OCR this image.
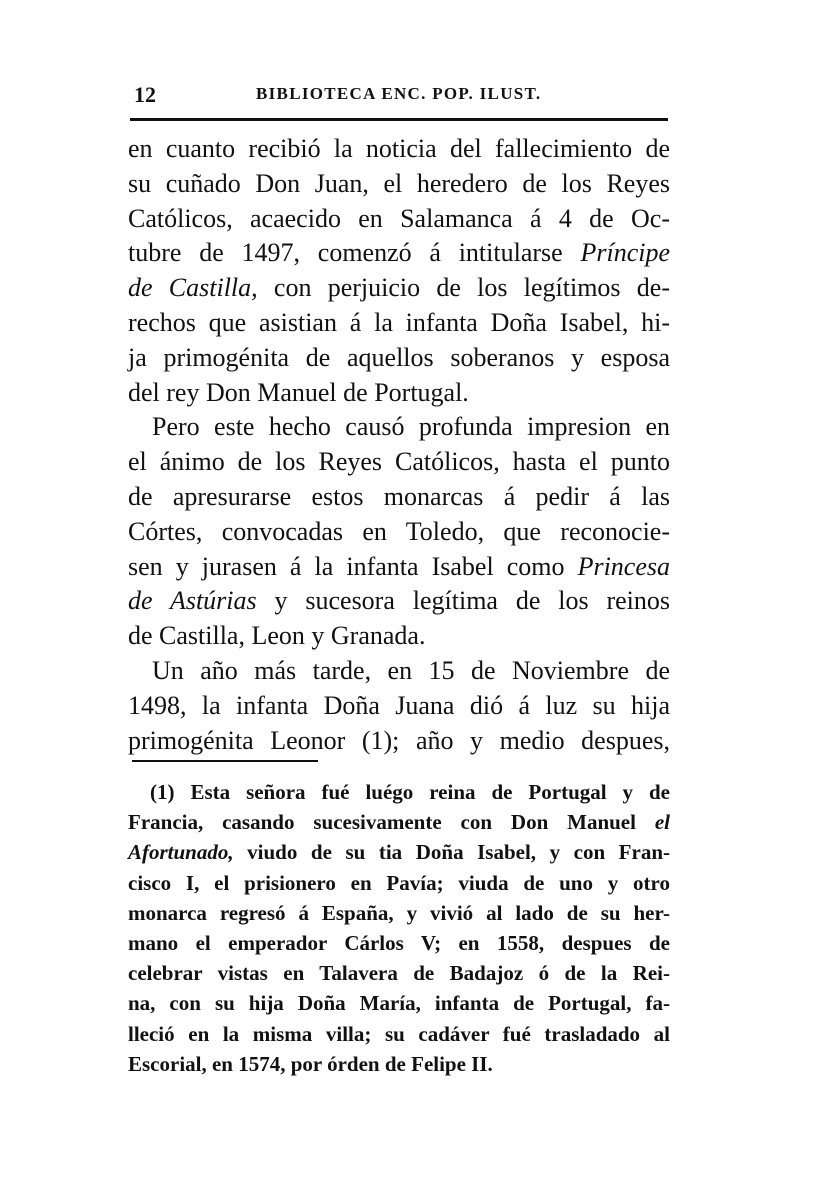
12	BIBLIOTECA ENC. POP. ILUST.
en cuanto recibió la noticia del fallecimiento de
su cuñado Don Juan, el heredero de los Reyes
Católicos, acaecido en Salamanca á 4 de Oc-
tubre de 1497, comenzó á intitularse Príncipe
de Castilla, con perjuicio de los legítimos de-
rechos que asistian á la infanta Doña Isabel, hi-
ja primogénita de aquellos soberanos y esposa
del rey Don Manuel de Portugal.
Pero este hecho causó profunda impresion en
el ánimo de los Reyes Católicos, hasta el punto
de apresurarse estos monarcas á pedir á las
Córtes, convocadas en Toledo, que reconocie-
sen y jurasen á la infanta Isabel como Princesa
de Astúrias y sucesora legítima de los reinos
de Castilla, Leon y Granada.
Un año más tarde, en 15 de Noviembre de
1498, la infanta Doña Juana dió á luz su hija
primogénita Leonor (1); año y medio despues,
(1) Esta señora fué luégo reina de Portugal y de
Francia, casando sucesivamente con Don Manuel el
Afortunado, viudo de su tia Doña Isabel, y con Fran-
cisco I, el prisionero en Pavía; viuda de uno y otro
monarca regresó á España, y vivió al lado de su her-
mano el emperador Cárlos V; en 1558, despues de
celebrar vistas en Talavera de Badajoz ó de la Rei-
na, con su hija Doña María, infanta de Portugal, fa-
lleció en la misma villa; su cadáver fué trasladado al
Escorial, en 1574, por órden de Felipe II.
